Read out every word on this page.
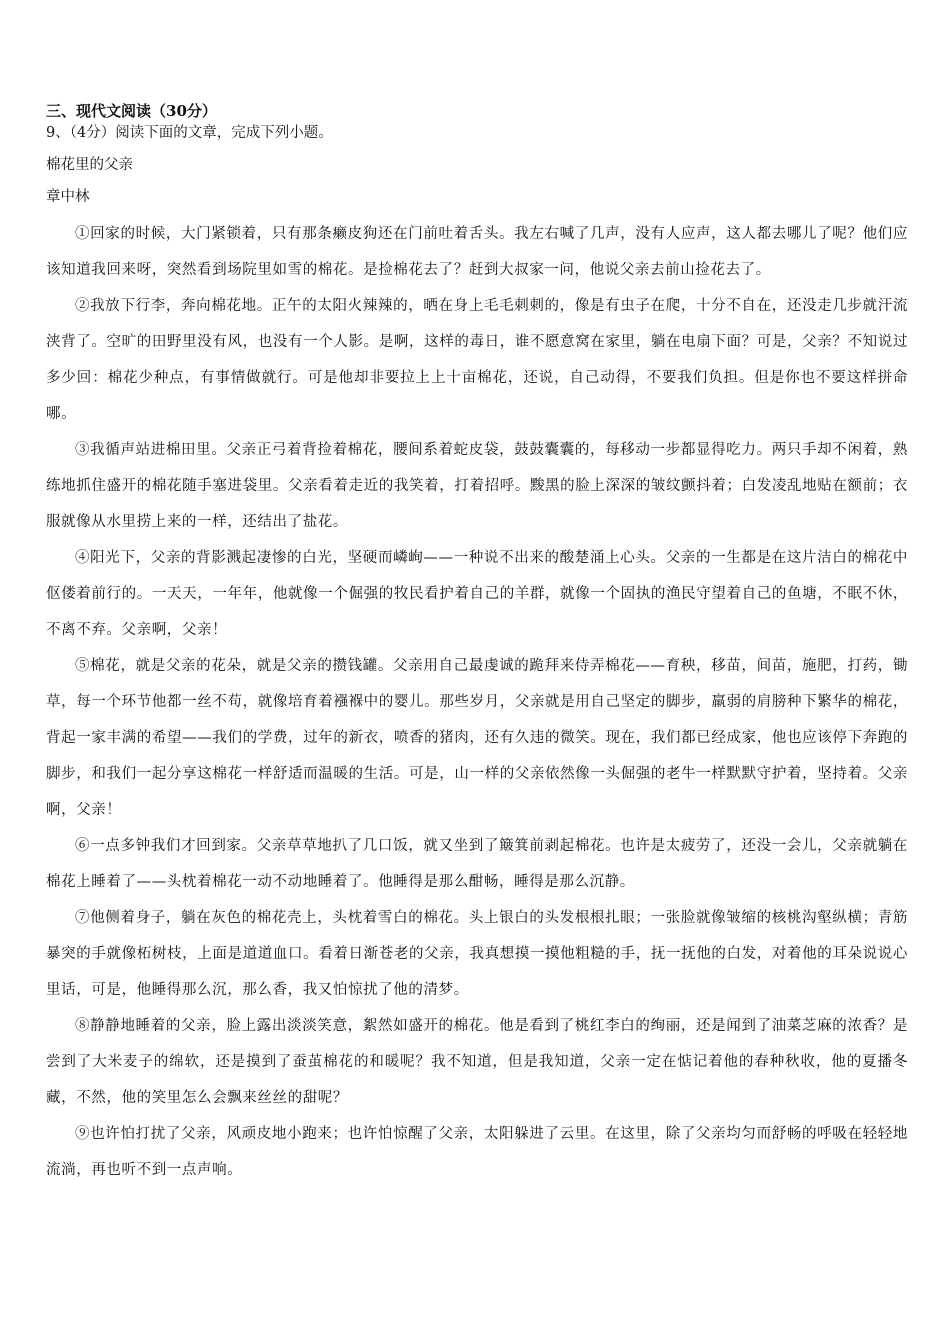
三、现代文阅读（30分）

9、（4分）阅读下面的文章，完成下列小题。

棉花里的父亲

章中林

①回家的时候，大门紧锁着，只有那条癞皮狗还在门前吐着舌头。我左右喊了几声，没有人应声，这人都去哪儿了呢？他们应该知道我回来呀，突然看到场院里如雪的棉花。是捡棉花去了？赶到大叔家一问，他说父亲去前山捡花去了。

②我放下行李，奔向棉花地。正午的太阳火辣辣的，晒在身上毛毛刺刺的，像是有虫子在爬，十分不自在，还没走几步就汗流浃背了。空旷的田野里没有风，也没有一个人影。是啊，这样的毒日，谁不愿意窝在家里，躺在电扇下面？可是，父亲？不知说过多少回：棉花少种点，有事情做就行。可是他却非要拉上上十亩棉花，还说，自己动得，不要我们负担。但是你也不要这样拼命哪。

③我循声站进棉田里。父亲正弓着背捡着棉花，腰间系着蛇皮袋，鼓鼓囊囊的，每移动一步都显得吃力。两只手却不闲着，熟练地抓住盛开的棉花随手塞进袋里。父亲看着走近的我笑着，打着招呼。黢黑的脸上深深的皱纹颤抖着；白发凌乱地贴在额前；衣服就像从水里捞上来的一样，还结出了盐花。

④阳光下，父亲的背影溅起凄惨的白光，坚硬而嶙峋——一种说不出来的酸楚涌上心头。父亲的一生都是在这片洁白的棉花中伛偻着前行的。一天天，一年年，他就像一个倔强的牧民看护着自己的羊群，就像一个固执的渔民守望着自己的鱼塘，不眠不休，不离不弃。父亲啊，父亲！

⑤棉花，就是父亲的花朵，就是父亲的攒钱罐。父亲用自己最虔诚的跪拜来侍弄棉花——育秧，移苗，间苗，施肥，打药，锄草，每一个环节他都一丝不苟，就像培育着襁褓中的婴儿。那些岁月，父亲就是用自己坚定的脚步，羸弱的肩膀种下繁华的棉花，背起一家丰满的希望——我们的学费，过年的新衣，喷香的猪肉，还有久违的微笑。现在，我们都已经成家，他也应该停下奔跑的脚步，和我们一起分享这棉花一样舒适而温暖的生活。可是，山一样的父亲依然像一头倔强的老牛一样默默守护着，坚持着。父亲啊，父亲！

⑥一点多钟我们才回到家。父亲草草地扒了几口饭，就又坐到了簸箕前剥起棉花。也许是太疲劳了，还没一会儿，父亲就躺在棉花上睡着了——头枕着棉花一动不动地睡着了。他睡得是那么酣畅，睡得是那么沉静。

⑦他侧着身子，躺在灰色的棉花壳上，头枕着雪白的棉花。头上银白的头发根根扎眼；一张脸就像皱缩的核桃沟壑纵横；青筋暴突的手就像柘树枝，上面是道道血口。看着日渐苍老的父亲，我真想摸一摸他粗糙的手，抚一抚他的白发，对着他的耳朵说说心里话，可是，他睡得那么沉，那么香，我又怕惊扰了他的清梦。

⑧静静地睡着的父亲，脸上露出淡淡笑意，絮然如盛开的棉花。他是看到了桃红李白的绚丽，还是闻到了油菜芝麻的浓香？是尝到了大米麦子的绵软，还是摸到了蚕茧棉花的和暖呢？我不知道，但是我知道，父亲一定在惦记着他的春种秋收，他的夏播冬藏，不然，他的笑里怎么会飘来丝丝的甜呢？

⑨也许怕打扰了父亲，风顽皮地小跑来；也许怕惊醒了父亲，太阳躲进了云里。在这里，除了父亲均匀而舒畅的呼吸在轻轻地流淌，再也听不到一点声响。
